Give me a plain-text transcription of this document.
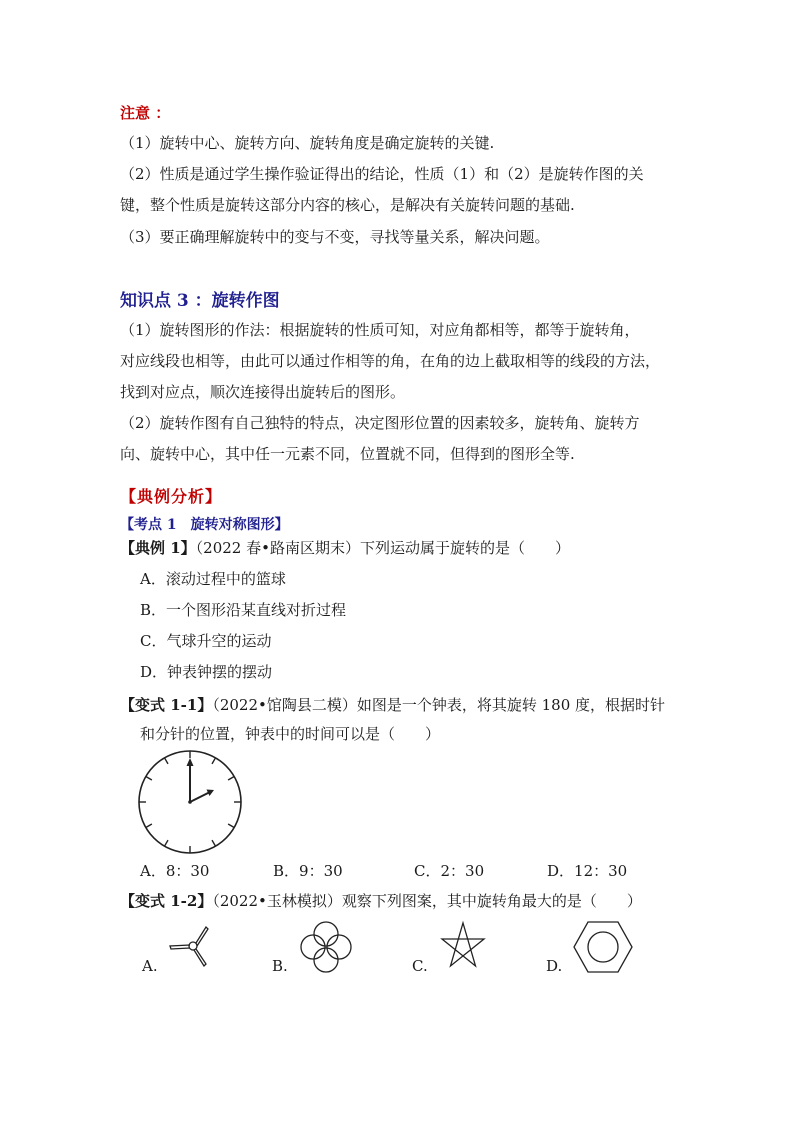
注意 ：
（1）旋转中心、旋转方向、旋转角度是确定旋转的关键.
（2）性质是通过学生操作验证得出的结论，性质（1）和（2）是旋转作图的关
键，整个性质是旋转这部分内容的核心，是解决有关旋转问题的基础.
（3）要正确理解旋转中的变与不变，寻找等量关系，解决问题。
知识点 3 ：旋转作图
（1）旋转图形的作法：根据旋转的性质可知，对应角都相等，都等于旋转角，
对应线段也相等，由此可以通过作相等的角，在角的边上截取相等的线段的方法，
找到对应点，顺次连接得出旋转后的图形。
（2）旋转作图有自己独特的特点，决定图形位置的因素较多，旋转角、旋转方
向、旋转中心，其中任一元素不同，位置就不同，但得到的图形全等.
【典例分析】
【考点 1　旋转对称图形】
【典例 1】（2022 春•路南区期末）下列运动属于旋转的是（　　）
A．滚动过程中的篮球
B．一个图形沿某直线对折过程
C．气球升空的运动
D．钟表钟摆的摆动
【变式 1-1】（2022•馆陶县二模）如图是一个钟表，将其旋转 180 度，根据时针
和分针的位置，钟表中的时间可以是（　　）
A．8：30	B．9：30	C．2：30	D．12：30
【变式 1-2】（2022•玉林模拟）观察下列图案，其中旋转角最大的是（　　）
A.	B.	C.	D.
